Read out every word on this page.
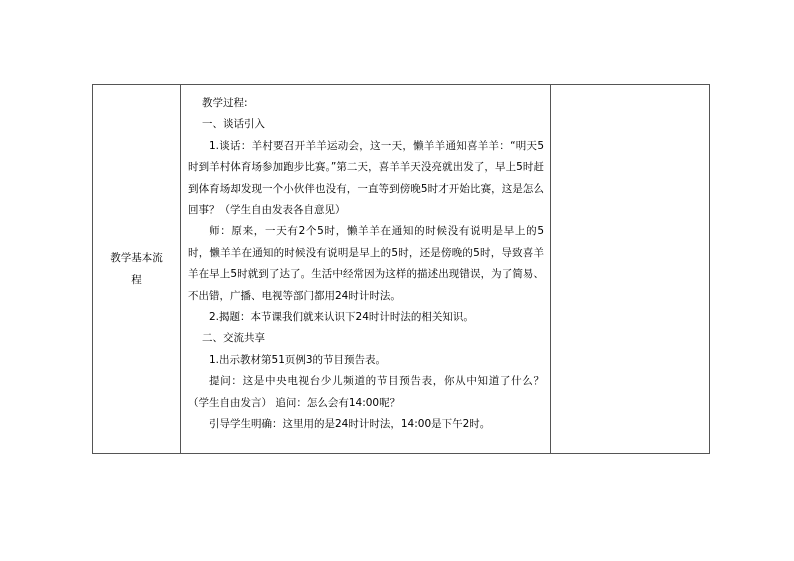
教学基本流程	

教学过程:

一、谈话引入

1.谈话：羊村要召开羊羊运动会，这一天，懒羊羊通知喜羊羊：“明天5时到羊村体育场参加跑步比赛。”第二天，喜羊羊天没亮就出发了，早上5时赶到体育场却发现一个小伙伴也没有，一直等到傍晚5时才开始比赛，这是怎么回事？（学生自由发表各自意见）

师：原来，一天有2个5时，懒羊羊在通知的时候没有说明是早上的5时，懒羊羊在通知的时候没有说明是早上的5时，还是傍晚的5时，导致喜羊羊在早上5时就到了达了。生活中经常因为这样的描述出现错误，为了简易、不出错，广播、电视等部门都用24时计时法。

2.揭题：本节课我们就来认识下24时计时法的相关知识。

二、交流共享

1.出示教材第51页例3的节目预告表。

提问：这是中央电视台少儿频道的节目预告表，你从中知道了什么？（学生自由发言） 追问：怎么会有14:00呢？

引导学生明确：这里用的是24时计时法，14:00是下午2时。
